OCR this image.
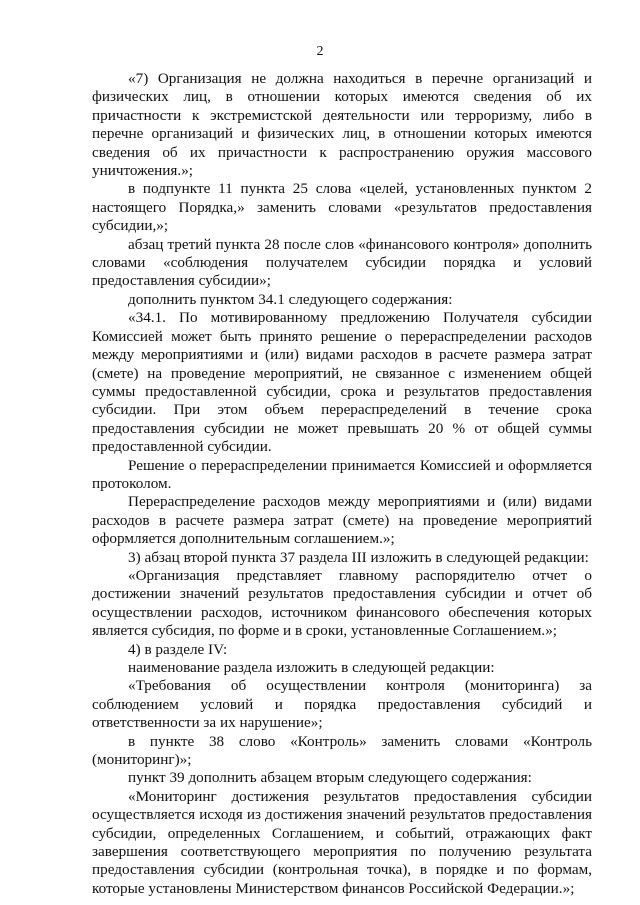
2

«7) Организация не должна находиться в перечне организаций и физических лиц, в отношении которых имеются сведения об их причастности к экстремистской деятельности или терроризму, либо в перечне организаций и физических лиц, в отношении которых имеются сведения об их причастности к распространению оружия массового уничтожения.»;

в подпункте 11 пункта 25 слова «целей, установленных пунктом 2 настоящего Порядка,» заменить словами «результатов предоставления субсидии,»;

абзац третий пункта 28 после слов «финансового контроля» дополнить словами «соблюдения получателем субсидии порядка и условий предоставления субсидии»;

дополнить пунктом 34.1 следующего содержания:

«34.1. По мотивированному предложению Получателя субсидии Комиссией может быть принято решение о перераспределении расходов между мероприятиями и (или) видами расходов в расчете размера затрат (смете) на проведение мероприятий, не связанное с изменением общей суммы предоставленной субсидии, срока и результатов предоставления субсидии. При этом объем перераспределений в течение срока предоставления субсидии не может превышать 20 % от общей суммы предоставленной субсидии.

Решение о перераспределении принимается Комиссией и оформляется протоколом.

Перераспределение расходов между мероприятиями и (или) видами расходов в расчете размера затрат (смете) на проведение мероприятий оформляется дополнительным соглашением.»;

3) абзац второй пункта 37 раздела III изложить в следующей редакции:

«Организация представляет главному распорядителю отчет о достижении значений результатов предоставления субсидии и отчет об осуществлении расходов, источником финансового обеспечения которых является субсидия, по форме и в сроки, установленные Соглашением.»;

4) в разделе IV:

наименование раздела изложить в следующей редакции:

«Требования об осуществлении контроля (мониторинга) за соблюдением условий и порядка предоставления субсидий и ответственности за их нарушение»;

в пункте 38 слово «Контроль» заменить словами «Контроль (мониторинг)»;

пункт 39 дополнить абзацем вторым следующего содержания:

«Мониторинг достижения результатов предоставления субсидии осуществляется исходя из достижения значений результатов предоставления субсидии, определенных Соглашением, и событий, отражающих факт завершения соответствующего мероприятия по получению результата предоставления субсидии (контрольная точка), в порядке и по формам, которые установлены Министерством финансов Российской Федерации.»;
